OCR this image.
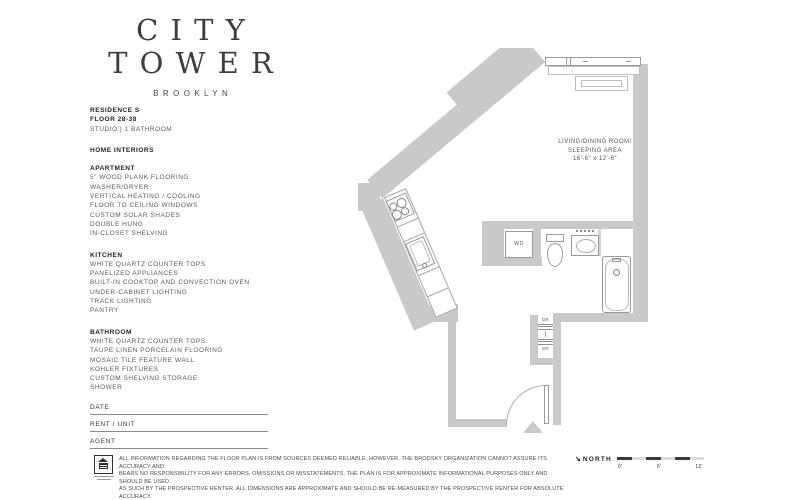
CITY
TOWER
BROOKLYN
RESIDENCE S
FLOOR 28-38
STUDIO | 1 BATHROOM
HOME INTERIORS
APARTMENT
5" WOOD PLANK FLOORING
WASHER/DRYER
VERTICAL HEATING / COOLING
FLOOR TO CEILING WINDOWS
CUSTOM SOLAR SHADES
DOUBLE HUNG
IN-CLOSET SHELVING
KITCHEN
WHITE QUARTZ COUNTER TOPS
PANELIZED APPLIANCES
BUILT-IN COOKTOP AND CONVECTION OVEN
UNDER-CABINET LIGHTING
TRACK LIGHTING
PANTRY
BATHROOM
WHITE QUARTZ COUNTER TOPS
TAUPE LINEN PORCELAIN FLOORING
MOSAIC TILE FEATURE WALL
KOHLER FIXTURES
CUSTOM SHELVING STORAGE
SHOWER
DATE
RENT / UNIT
AGENT
ALL INFORMATION REGARDING THE FLOOR PLAN IS FROM SOURCES DEEMED RELIABLE. HOWEVER, THE BRODSKY ORGANIZATION CANNOT ASSURE ITS ACCURACY AND
BEARS NO RESPONSIBILITY FOR ANY ERRORS, OMISSIONS OR MISSTATEMENTS. THE PLAN IS FOR APPROXIMATE INFORMATIONAL PURPOSES ONLY AND SHOULD BE USED
AS SUCH BY THE PROSPECTIVE RENTER. ALL DIMENSIONS ARE APPROXIMATE AND SHOULD BE RE-MEASURED BY THE PROSPECTIVE RENTER FOR ABSOLUTE ACCURACY.
↘ NORTH
0'	6'	12'
LIVING/DINING ROOM/
SLEEPING AREA
16'-6" x 12'-6"
WD
DR
SR
